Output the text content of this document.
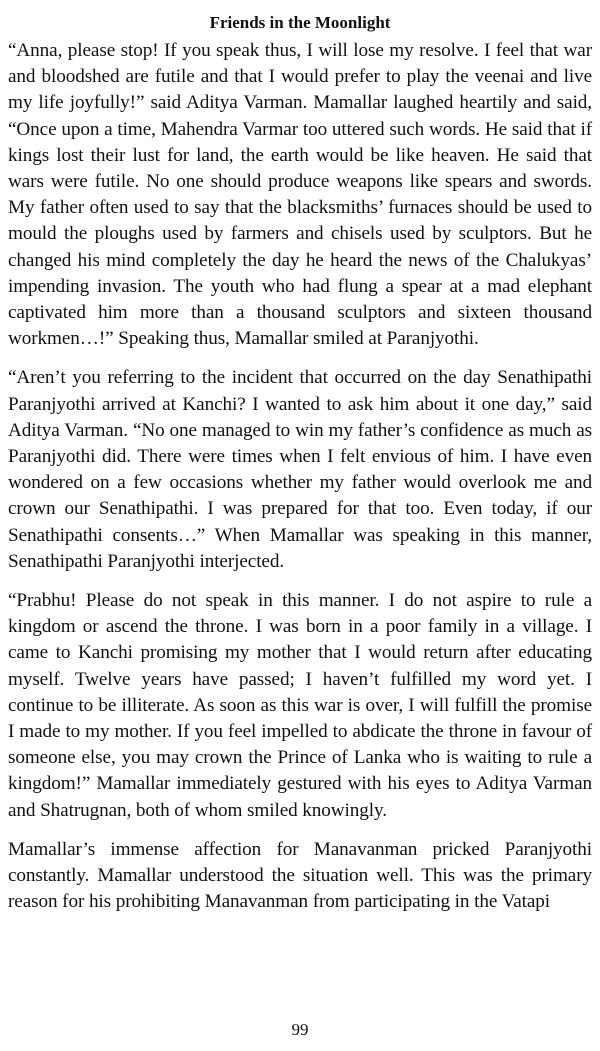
Friends in the Moonlight

“Anna, please stop! If you speak thus, I will lose my resolve. I feel that war and bloodshed are futile and that I would prefer to play the veenai and live my life joyfully!” said Aditya Varman. Mamallar laughed heartily and said, “Once upon a time, Mahendra Varmar too uttered such words. He said that if kings lost their lust for land, the earth would be like heaven. He said that wars were futile. No one should produce weapons like spears and swords. My father often used to say that the blacksmiths’ furnaces should be used to mould the ploughs used by farmers and chisels used by sculptors. But he changed his mind completely the day he heard the news of the Chalukyas’ impending invasion. The youth who had flung a spear at a mad elephant captivated him more than a thousand sculptors and sixteen thousand workmen…!” Speaking thus, Mamallar smiled at Paranjyothi.

“Aren’t you referring to the incident that occurred on the day Senathipathi Paranjyothi arrived at Kanchi? I wanted to ask him about it one day,” said Aditya Varman. “No one managed to win my father’s confidence as much as Paranjyothi did. There were times when I felt envious of him. I have even wondered on a few occasions whether my father would overlook me and crown our Senathipathi. I was prepared for that too. Even today, if our Senathipathi consents…” When Mamallar was speaking in this manner, Senathipathi Paranjyothi interjected.

“Prabhu! Please do not speak in this manner. I do not aspire to rule a kingdom or ascend the throne. I was born in a poor family in a village. I came to Kanchi promising my mother that I would return after educating myself. Twelve years have passed; I haven’t fulfilled my word yet. I continue to be illiterate. As soon as this war is over, I will fulfill the promise I made to my mother. If you feel impelled to abdicate the throne in favour of someone else, you may crown the Prince of Lanka who is waiting to rule a kingdom!” Mamallar immediately gestured with his eyes to Aditya Varman and Shatrugnan, both of whom smiled knowingly.

Mamallar’s immense affection for Manavanman pricked Paranjyothi constantly. Mamallar understood the situation well. This was the primary reason for his prohibiting Manavanman from participating in the Vatapi

99
